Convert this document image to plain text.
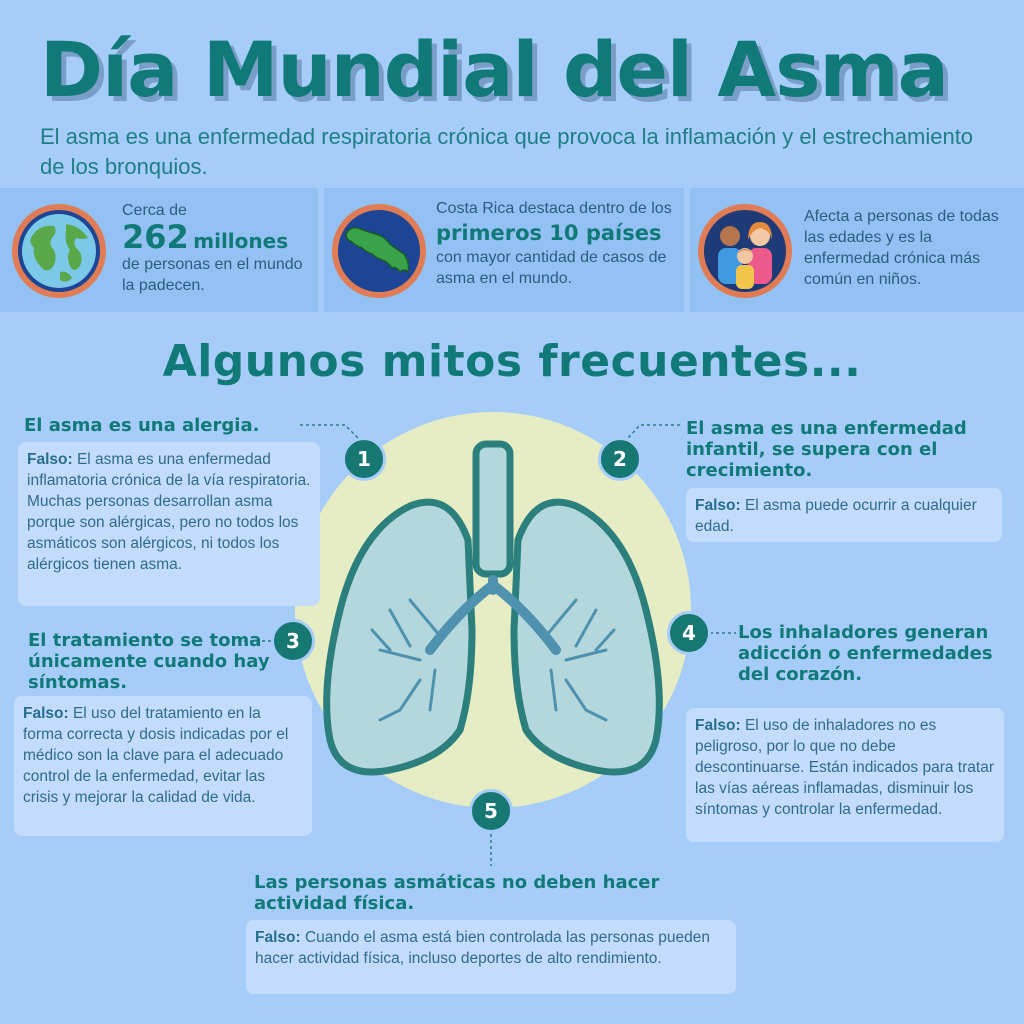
Día Mundial del Asma
El asma es una enfermedad respiratoria crónica que provoca la inflamación y el estrechamiento de los bronquios.
Cerca de
262 millones
de personas en el mundo la padecen.
Costa Rica destaca dentro de los
primeros 10 países
con mayor cantidad de casos de asma en el mundo.
Afecta a personas de todas las edades y es la enfermedad crónica más común en niños.
Algunos mitos frecuentes...
El asma es una alergia.
Falso: El asma es una enfermedad inflamatoria crónica de la vía respiratoria. Muchas personas desarrollan asma porque son alérgicas, pero no todos los asmáticos son alérgicos, ni todos los alérgicos tienen asma.
1
El asma es una enfermedad infantil, se supera con el crecimiento.
Falso: El asma puede ocurrir a cualquier edad.
2
El tratamiento se toma únicamente cuando hay síntomas.
Falso: El uso del tratamiento en la forma correcta y dosis indicadas por el médico son la clave para el adecuado control de la enfermedad, evitar las crisis y mejorar la calidad de vida.
3	Los inhaladores generan adicción o enfermedades del corazón.
Falso: El uso de inhaladores no es peligroso, por lo que no debe descontinuarse. Están indicados para tratar las vías aéreas inflamadas, disminuir los síntomas y controlar la enfermedad.
4
5
Las personas asmáticas no deben hacer actividad física.
Falso: Cuando el asma está bien controlada las personas pueden hacer actividad física, incluso deportes de alto rendimiento.
